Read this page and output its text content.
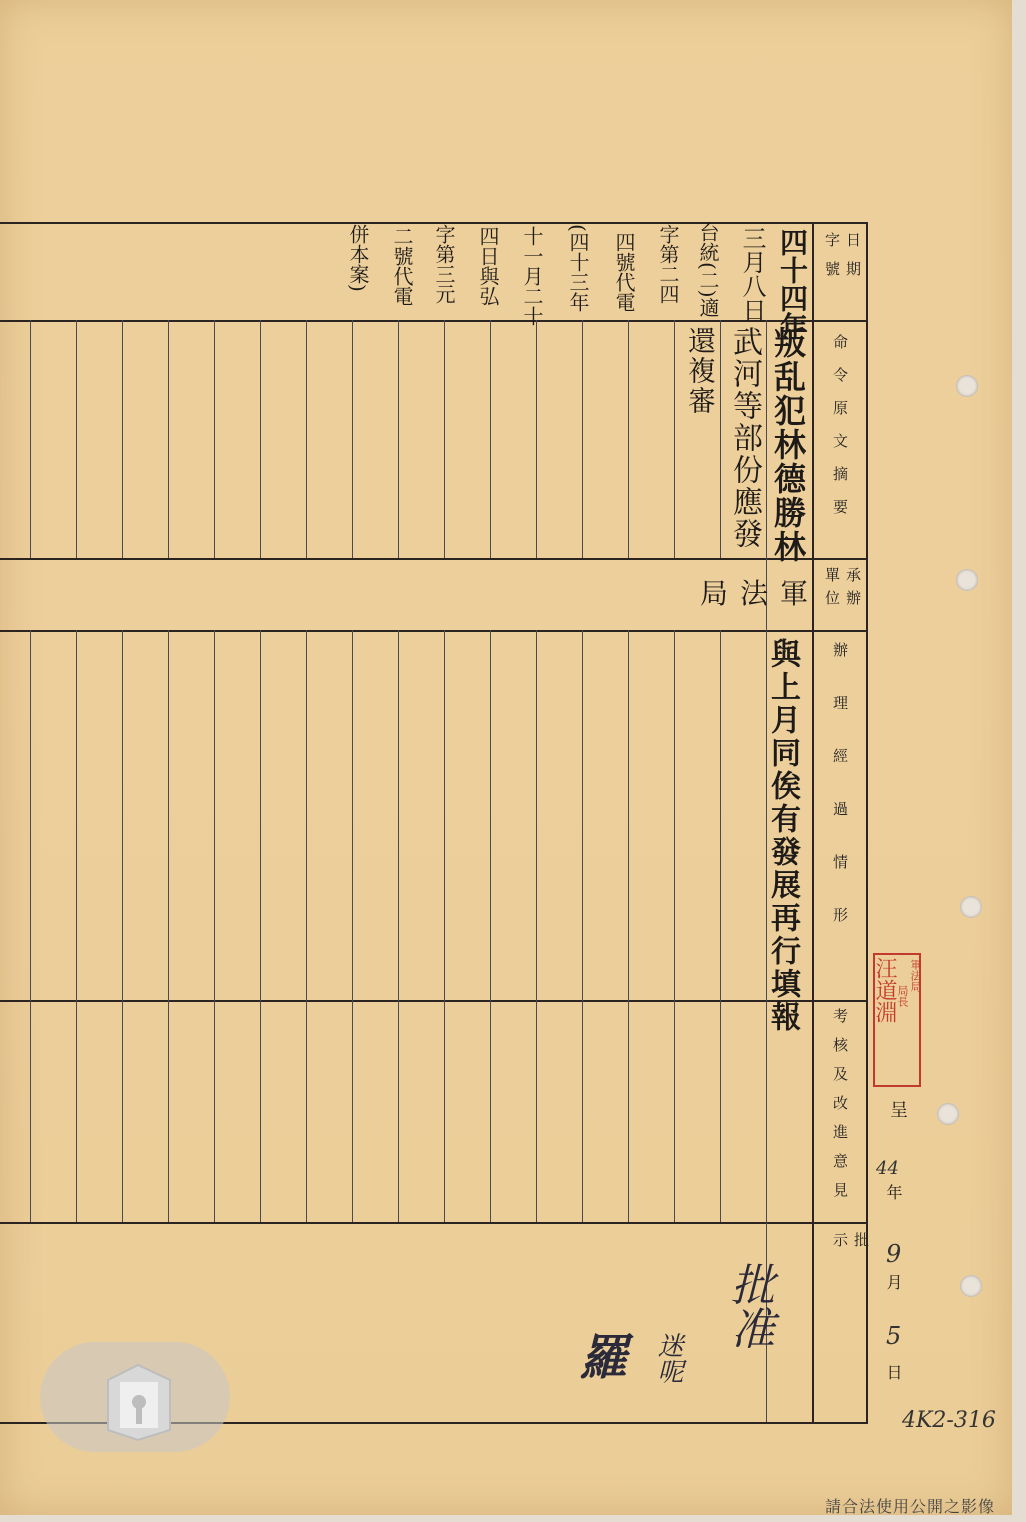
日期字號
命令原文摘要
承辦單位
辦理經過情形
考核及改進意見
批示
四十四年
三月八日
台統(二)適
字第二四
四號代電
(四十三年
十一月二十
四日與弘
字第三元
二號代電
併本案)
叛乱犯林德勝林
武河等部份應發
還複審
軍法局
與上月同俟有發展再行填報
批准
迷呢
羅
軍法局
局長
汪道淵
呈
44
年
9
月
5
日
4K2-316
請合法使用公開之影像
